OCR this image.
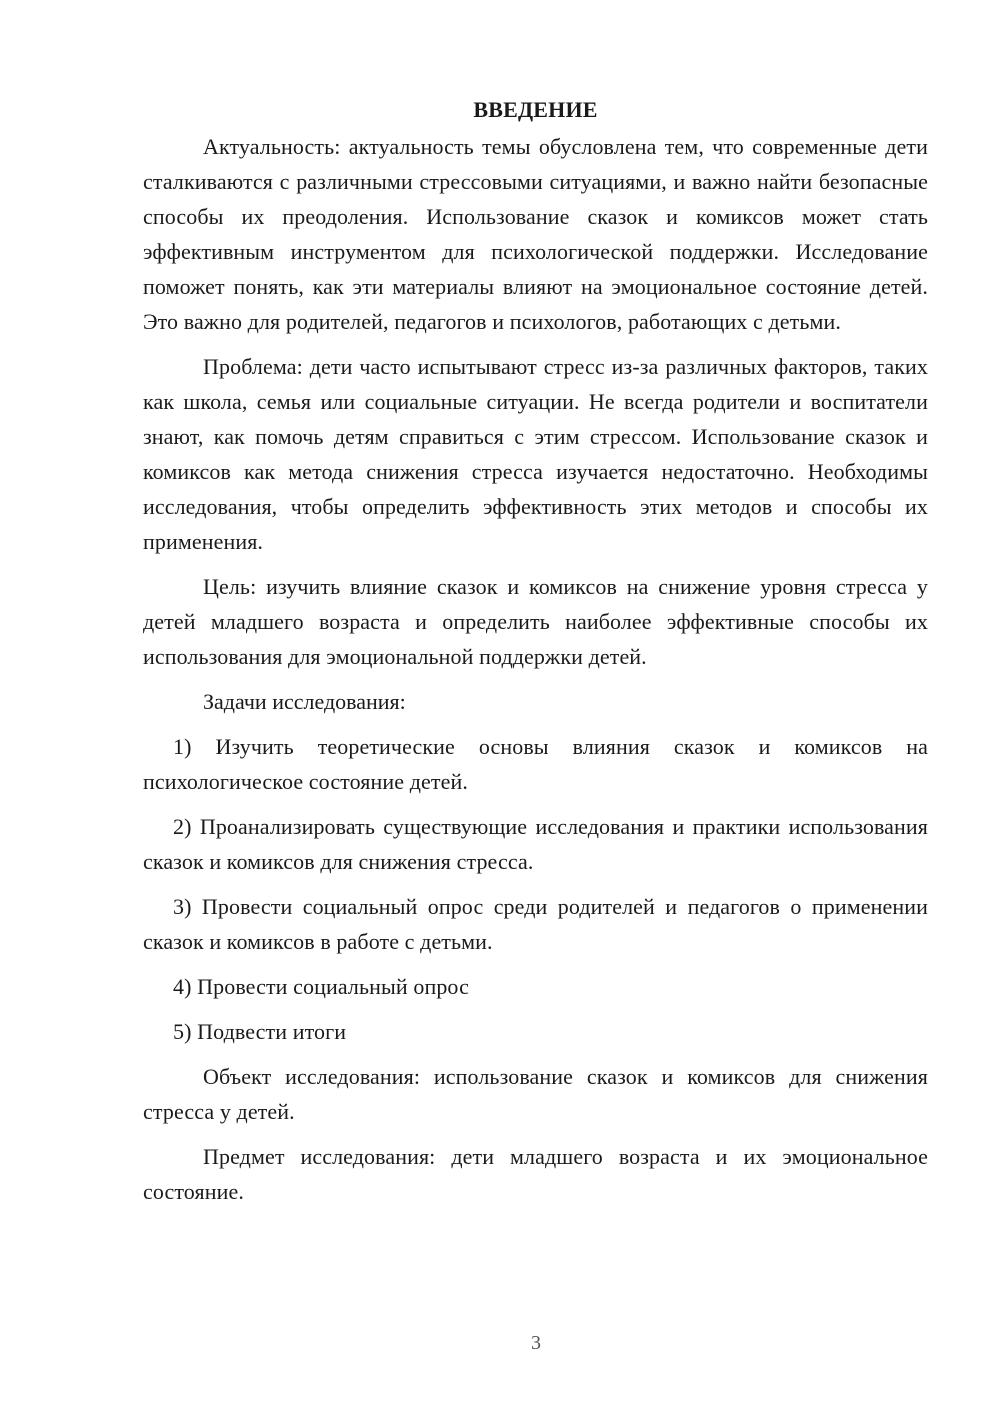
ВВЕДЕНИЕ

Актуальность: актуальность темы обусловлена тем, что современные дети сталкиваются с различными стрессовыми ситуациями, и важно найти безопасные способы их преодоления. Использование сказок и комиксов может стать эффективным инструментом для психологической поддержки. Исследование поможет понять, как эти материалы влияют на эмоциональное состояние детей. Это важно для родителей, педагогов и психологов, работающих с детьми.

Проблема: дети часто испытывают стресс из-за различных факторов, таких как школа, семья или социальные ситуации. Не всегда родители и воспитатели знают, как помочь детям справиться с этим стрессом. Использование сказок и комиксов как метода снижения стресса изучается недостаточно. Необходимы исследования, чтобы определить эффективность этих методов и способы их применения.

Цель: изучить влияние сказок и комиксов на снижение уровня стресса у детей младшего возраста и определить наиболее эффективные способы их использования для эмоциональной поддержки детей.

Задачи исследования:

1) Изучить теоретические основы влияния сказок и комиксов на психологическое состояние детей.

2) Проанализировать существующие исследования и практики использования сказок и комиксов для снижения стресса.

3) Провести социальный опрос среди родителей и педагогов о применении сказок и комиксов в работе с детьми.

4) Провести социальный опрос

5) Подвести итоги

Объект исследования: использование сказок и комиксов для снижения стресса у детей.

Предмет исследования: дети младшего возраста и их эмоциональное состояние.

3
